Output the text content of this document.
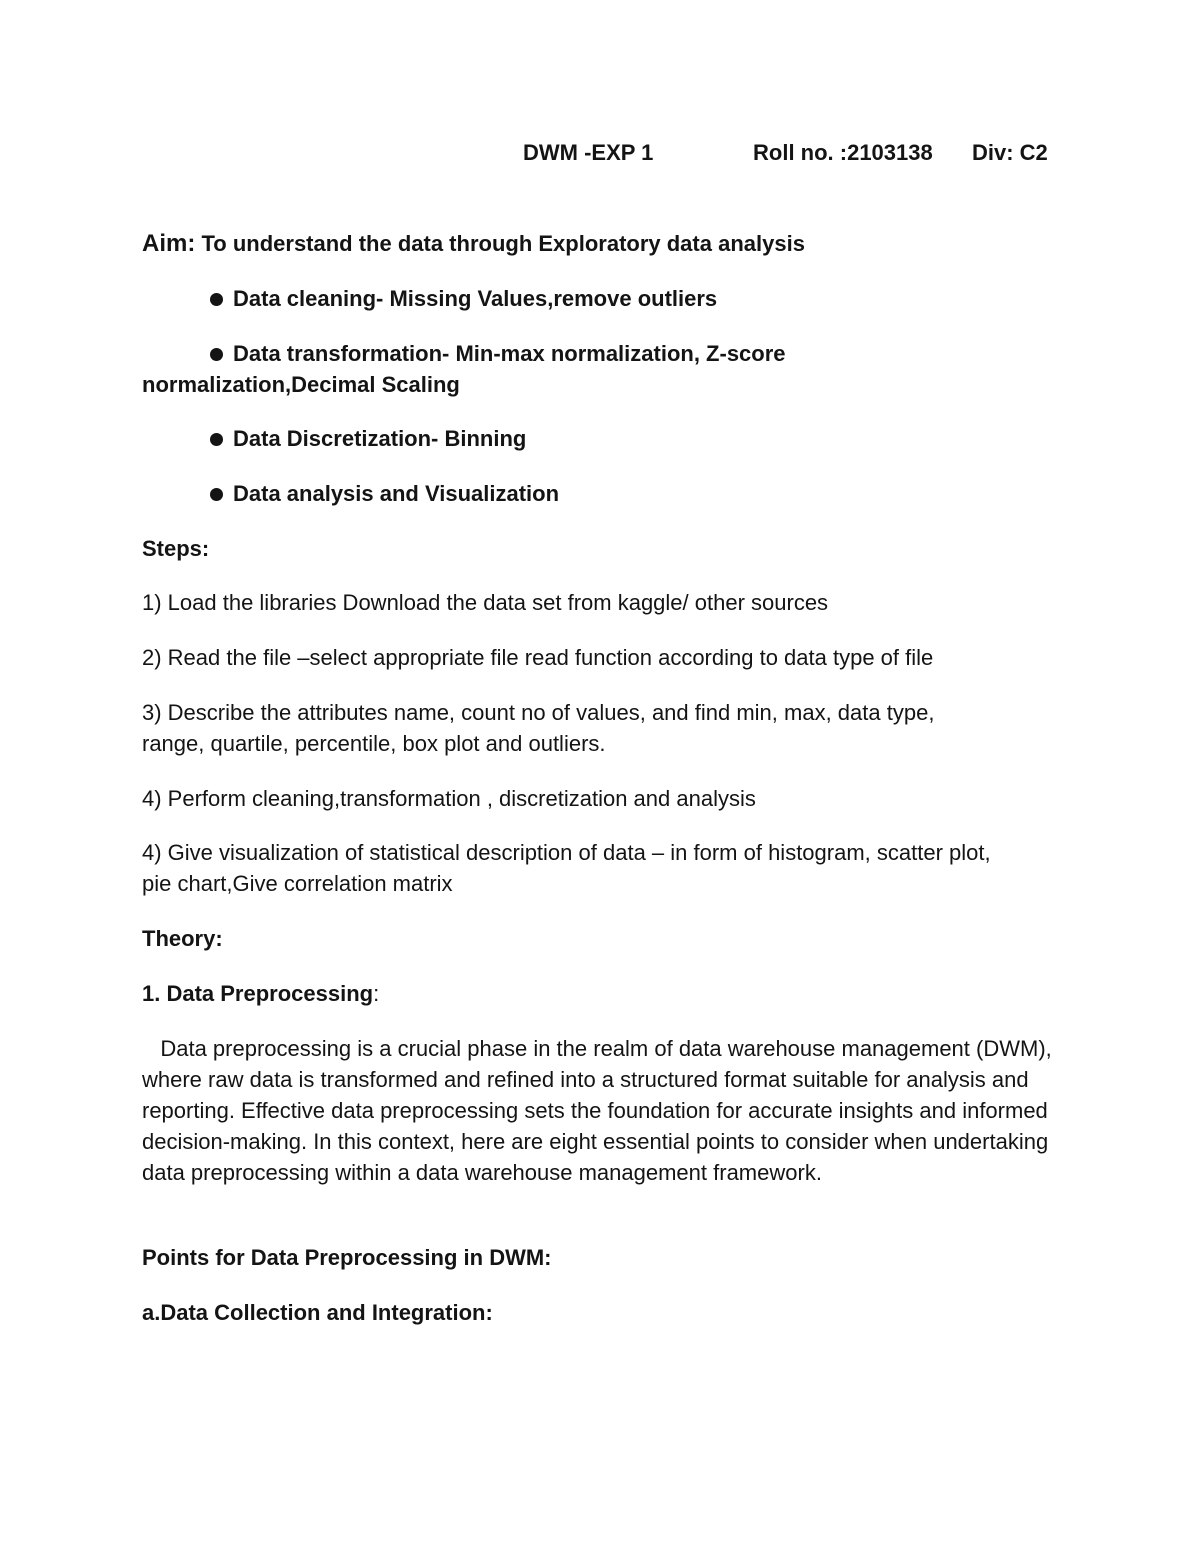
DWM -EXP 1	Roll no. :2103138 Div: C2
Aim: To understand the data through Exploratory data analysis
Data cleaning- Missing Values,remove outliers
Data transformation- Min-max normalization, Z-score
normalization,Decimal Scaling
Data Discretization- Binning
Data analysis and Visualization
Steps:
1) Load the libraries Download the data set from kaggle/ other sources
2) Read the file –select appropriate file read function according to data type of file
3) Describe the attributes name, count no of values, and find min, max, data type,
range, quartile, percentile, box plot and outliers.
4) Perform cleaning,transformation , discretization and analysis
4) Give visualization of statistical description of data – in form of histogram, scatter plot,
pie chart,Give correlation matrix
Theory:
1. Data Preprocessing:
Data preprocessing is a crucial phase in the realm of data warehouse management (DWM), where raw data is transformed and refined into a structured format suitable for analysis and reporting. Effective data preprocessing sets the foundation for accurate insights and informed decision-making. In this context, here are eight essential points to consider when undertaking data preprocessing within a data warehouse management framework.
Points for Data Preprocessing in DWM:
a.Data Collection and Integration:
